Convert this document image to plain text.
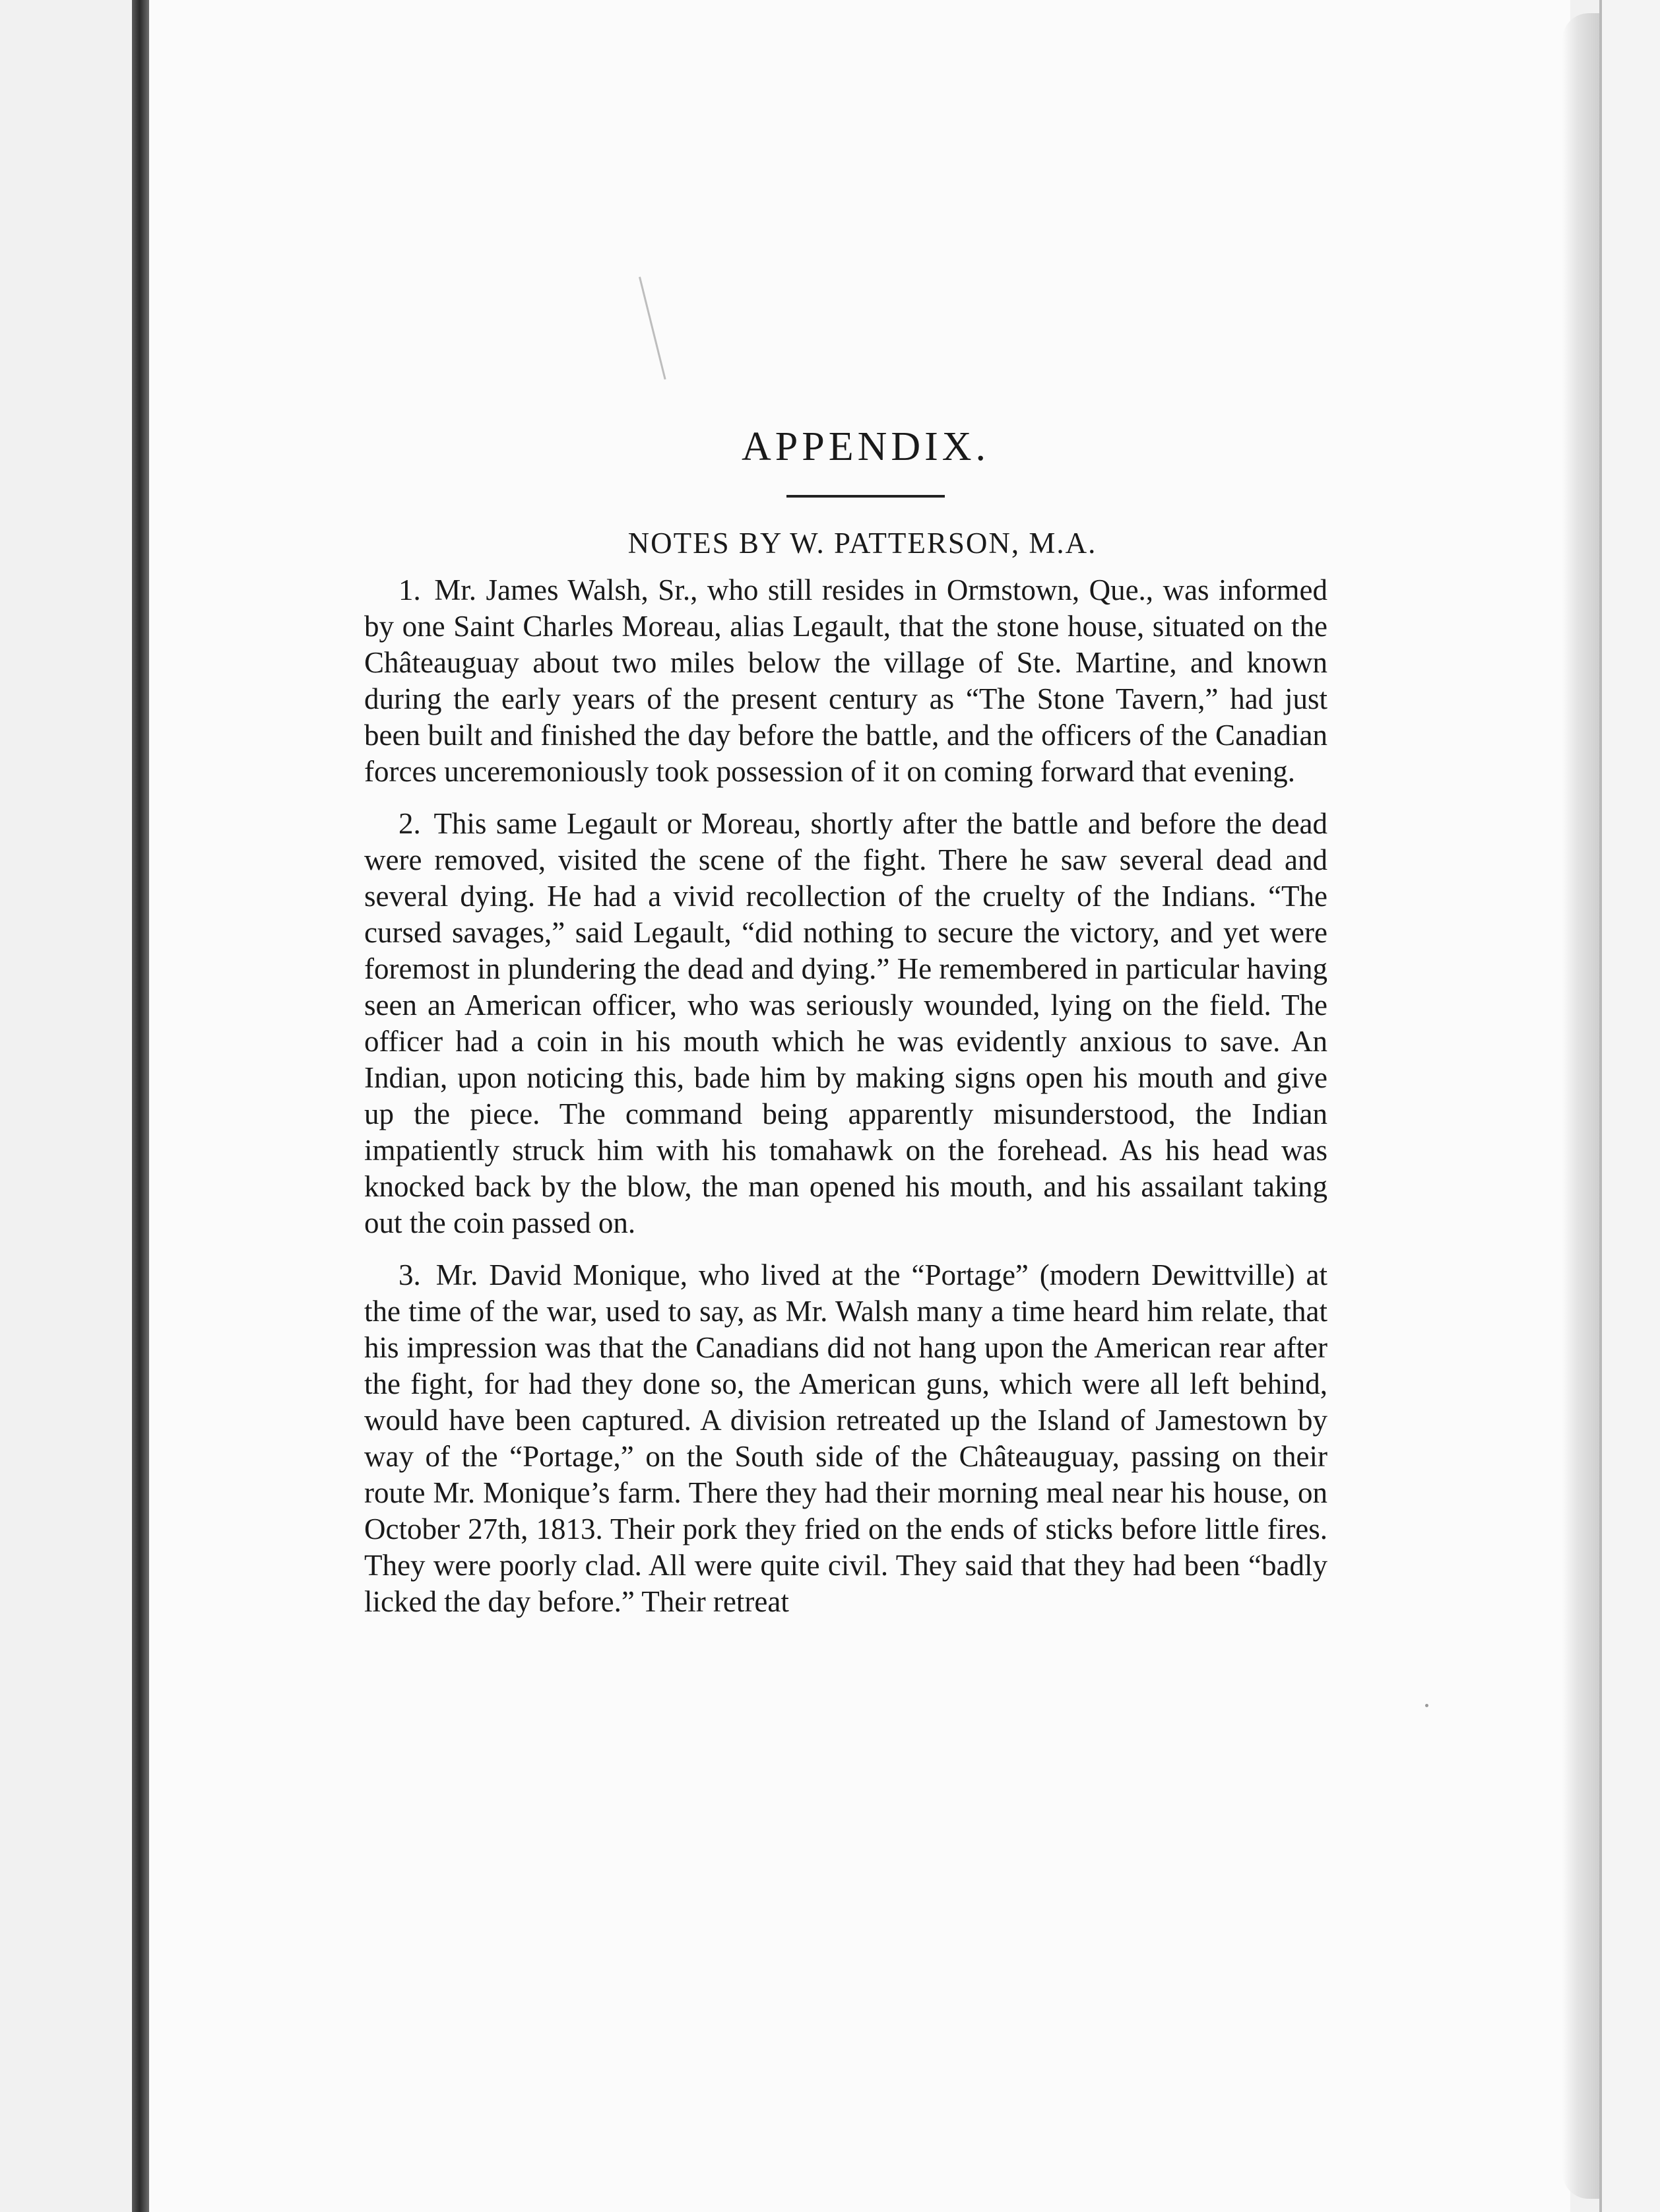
APPENDIX.
NOTES BY W. PATTERSON, M.A.

1. Mr. James Walsh, Sr., who still resides in Ormstown, Que., was informed by one Saint Charles Moreau, alias Legault, that the stone house, situated on the Châteauguay about two miles below the village of Ste. Martine, and known during the early years of the present century as “The Stone Tavern,” had just been built and finished the day before the battle, and the officers of the Canadian forces unceremoniously took possession of it on coming forward that evening.

2. This same Legault or Moreau, shortly after the battle and before the dead were removed, visited the scene of the fight. There he saw several dead and several dying. He had a vivid recollection of the cruelty of the Indians. “The cursed savages,” said Legault, “did nothing to secure the victory, and yet were foremost in plundering the dead and dying.” He remembered in particular having seen an American officer, who was seriously wounded, lying on the field. The officer had a coin in his mouth which he was evidently anxious to save. An Indian, upon noticing this, bade him by making signs open his mouth and give up the piece. The command being apparently misunderstood, the Indian impatiently struck him with his tomahawk on the forehead. As his head was knocked back by the blow, the man opened his mouth, and his assailant taking out the coin passed on.

3. Mr. David Monique, who lived at the “Portage” (modern Dewittville) at the time of the war, used to say, as Mr. Walsh many a time heard him relate, that his impression was that the Canadians did not hang upon the American rear after the fight, for had they done so, the American guns, which were all left behind, would have been captured. A division retreated up the Island of Jamestown by way of the “Portage,” on the South side of the Châteauguay, passing on their route Mr. Monique’s farm. There they had their morning meal near his house, on October 27th, 1813. Their pork they fried on the ends of sticks before little fires. They were poorly clad. All were quite civil. They said that they had been “badly licked the day before.” Their retreat
